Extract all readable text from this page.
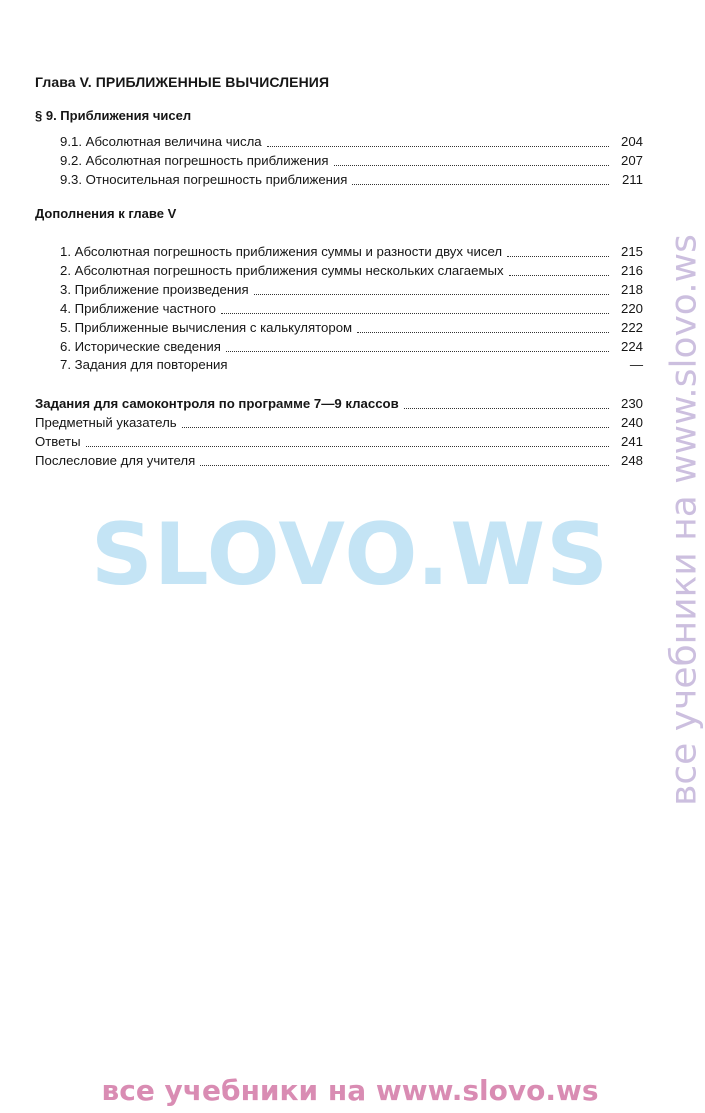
Глава V. ПРИБЛИЖЕННЫЕ ВЫЧИСЛЕНИЯ
§ 9. Приближения чисел
9.1. Абсолютная величина числа	204
9.2. Абсолютная погрешность приближения	207
9.3. Относительная погрешность приближения	211
Дополнения к главе V
1. Абсолютная погрешность приближения суммы и разности двух чисел	215
2. Абсолютная погрешность приближения суммы нескольких слагаемых	216
3. Приближение произведения	218
4. Приближение частного	220
5. Приближенные вычисления с калькулятором	222
6. Исторические сведения	224
7. Задания для повторения	—
Задания для самоконтроля по программе 7—9 классов	230
Предметный указатель	240
Ответы	241
Послесловие для учителя	248
SLOVO.WS	все учебники на www.slovo.ws
все учебники на www.slovo.ws
